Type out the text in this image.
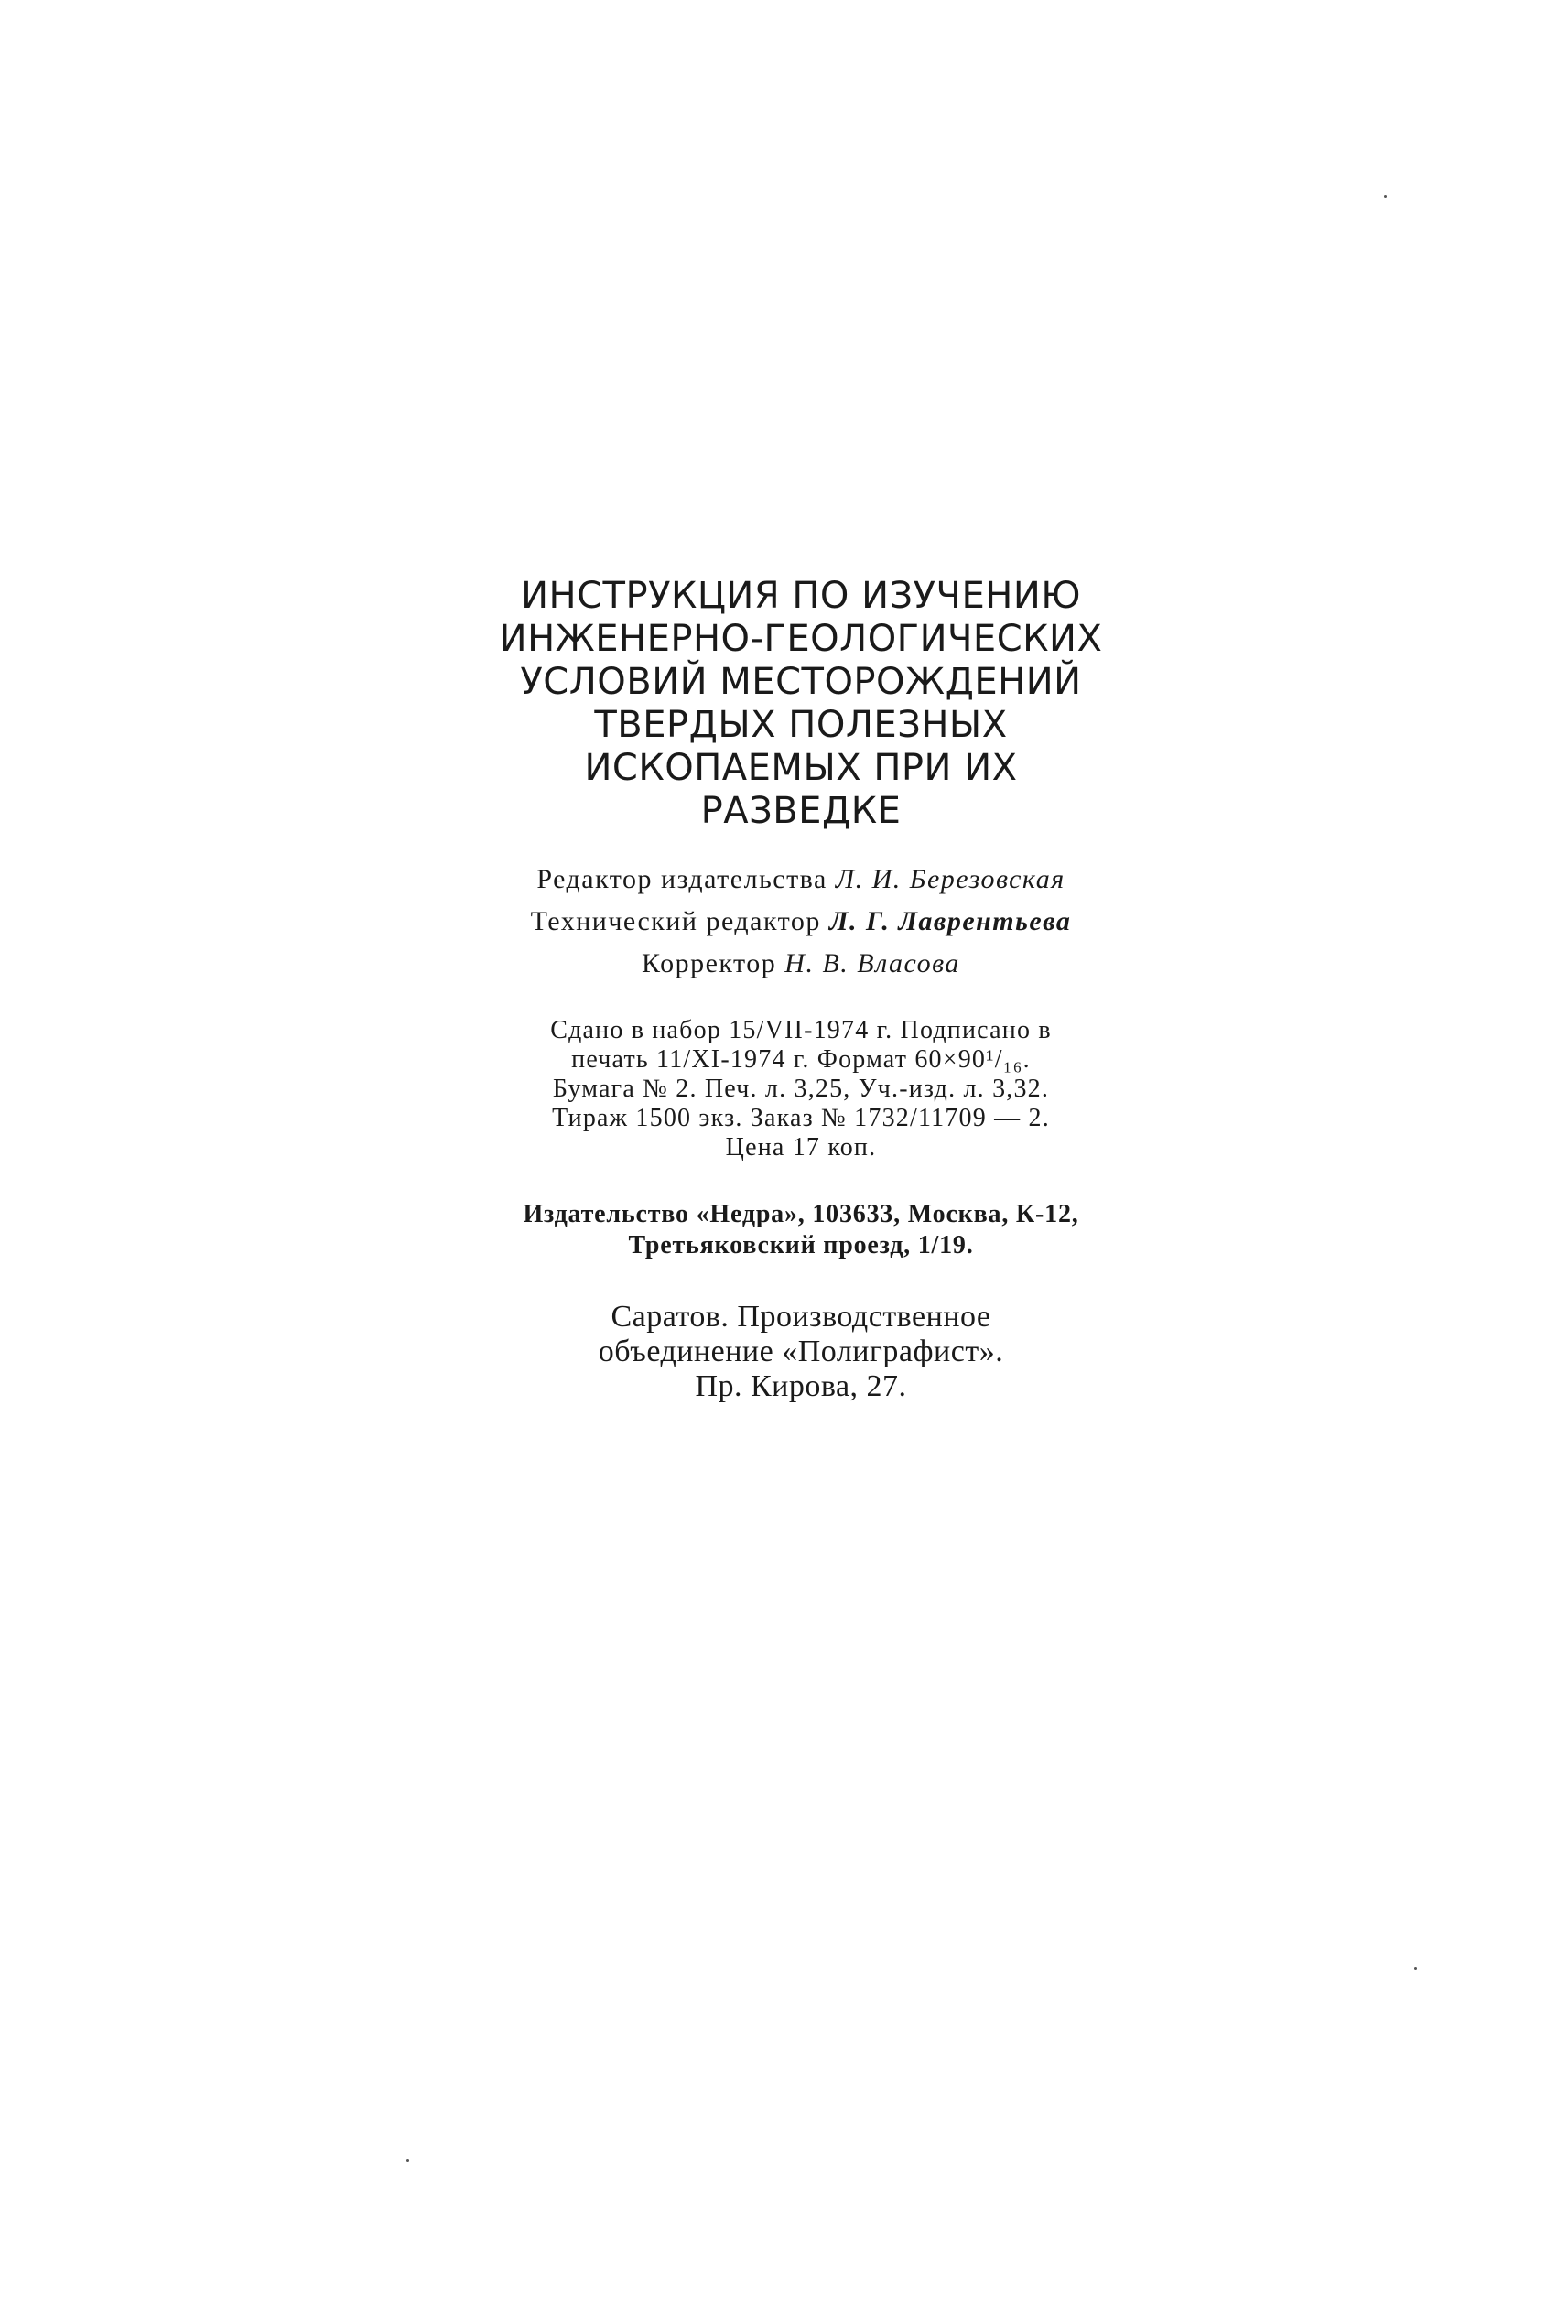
ИНСТРУКЦИЯ ПО ИЗУЧЕНИЮ
ИНЖЕНЕРНО-ГЕОЛОГИЧЕСКИХ
УСЛОВИЙ МЕСТОРОЖДЕНИЙ
ТВЕРДЫХ ПОЛЕЗНЫХ
ИСКОПАЕМЫХ ПРИ ИХ
РАЗВЕДКЕ
Редактор издательства Л. И. Березовская
Технический редактор Л. Г. Лаврентьева
Корректор Н. В. Власова
Сдано в набор 15/VII-1974 г. Подписано в
печать 11/XI-1974 г. Формат 60×90¹/₁₆.
Бумага № 2. Печ. л. 3,25, Уч.-изд. л. 3,32.
Тираж 1500 экз. Заказ № 1732/11709 — 2.
Цена 17 коп.
Издательство «Недра», 103633, Москва, К-12,
Третьяковский проезд, 1/19.
Саратов. Производственное
объединение «Полиграфист».
Пр. Кирова, 27.
